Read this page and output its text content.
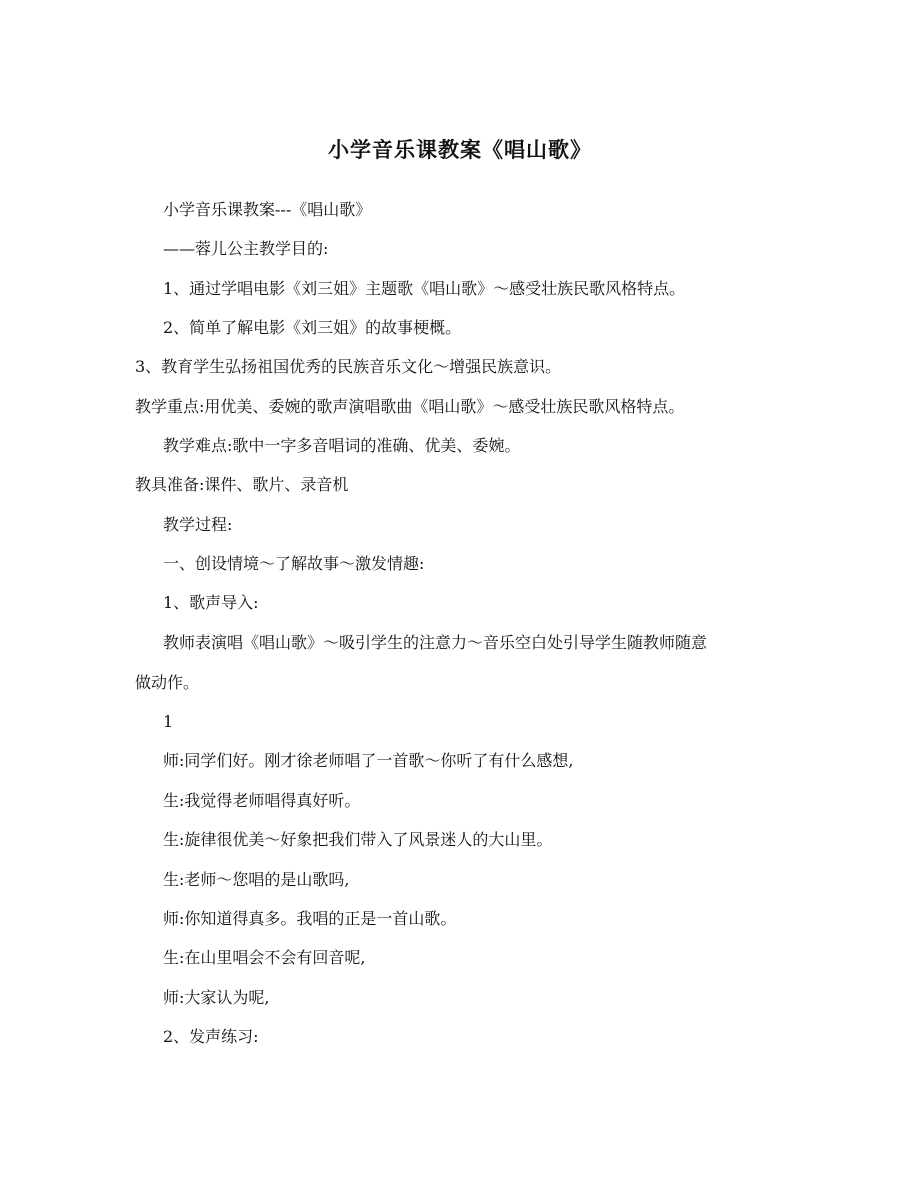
小学音乐课教案《唱山歌》

小学音乐课教案---《唱山歌》

——蓉儿公主教学目的:

1、通过学唱电影《刘三姐》主题歌《唱山歌》～感受壮族民歌风格特点。

2、简单了解电影《刘三姐》的故事梗概。

3、教育学生弘扬祖国优秀的民族音乐文化～增强民族意识。

教学重点:用优美、委婉的歌声演唱歌曲《唱山歌》～感受壮族民歌风格特点。

教学难点:歌中一字多音唱词的准确、优美、委婉。

教具准备:课件、歌片、录音机

教学过程:

一、创设情境～了解故事～激发情趣:

1、歌声导入:

教师表演唱《唱山歌》～吸引学生的注意力～音乐空白处引导学生随教师随意

做动作。

1

师:同学们好。刚才徐老师唱了一首歌～你听了有什么感想,

生:我觉得老师唱得真好听。

生:旋律很优美～好象把我们带入了风景迷人的大山里。

生:老师～您唱的是山歌吗,

师:你知道得真多。我唱的正是一首山歌。

生:在山里唱会不会有回音呢,

师:大家认为呢,

2、发声练习:
